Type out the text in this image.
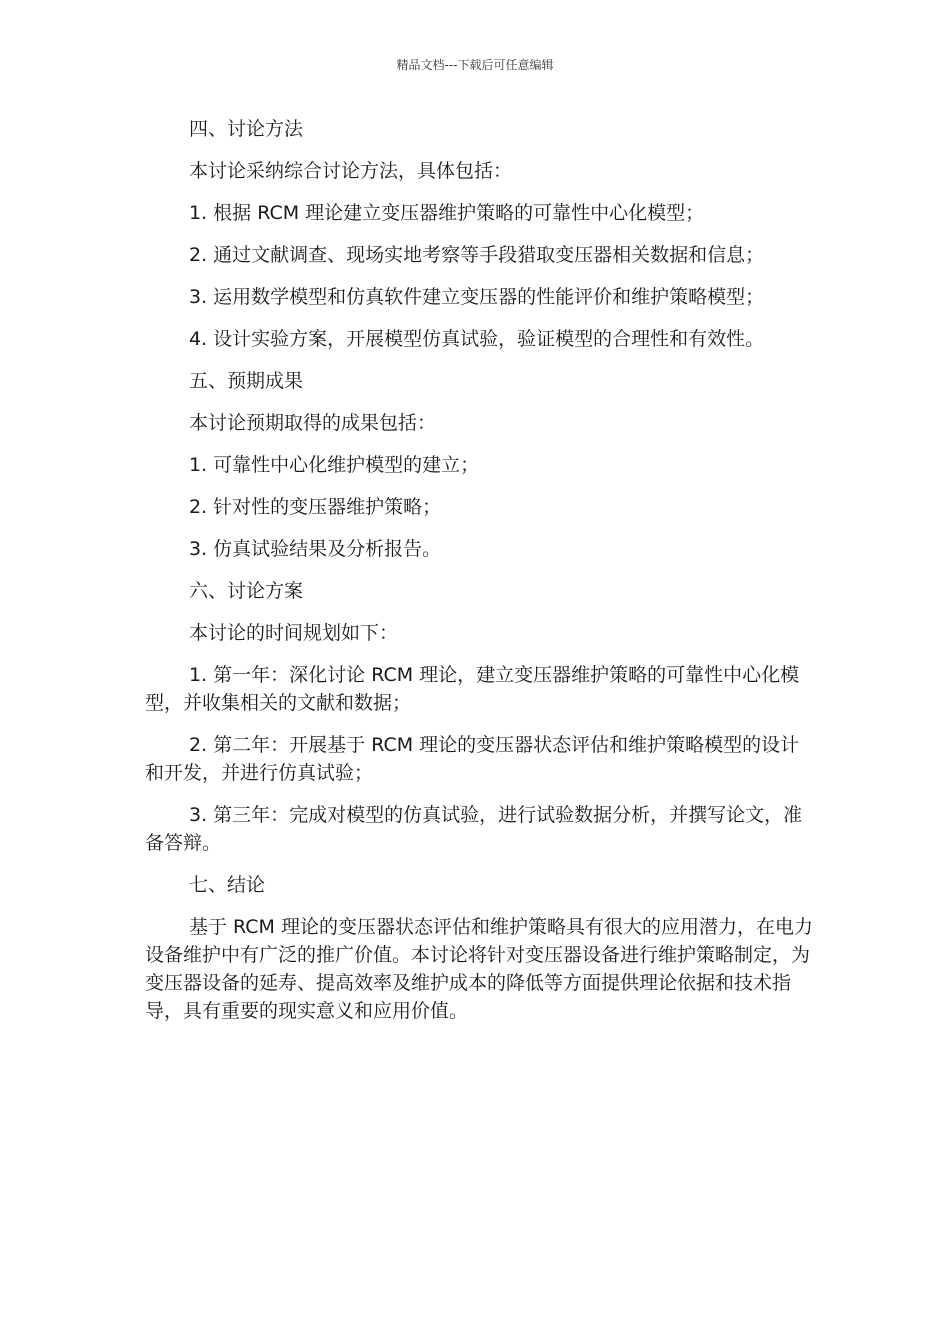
精品文档---下载后可任意编辑
四、讨论方法
本讨论采纳综合讨论方法，具体包括：
1. 根据 RCM 理论建立变压器维护策略的可靠性中心化模型；
2. 通过文献调查、现场实地考察等手段猎取变压器相关数据和信息；
3. 运用数学模型和仿真软件建立变压器的性能评价和维护策略模型；
4. 设计实验方案，开展模型仿真试验，验证模型的合理性和有效性。
五、预期成果
本讨论预期取得的成果包括：
1. 可靠性中心化维护模型的建立；
2. 针对性的变压器维护策略；
3. 仿真试验结果及分析报告。
六、讨论方案
本讨论的时间规划如下：
1. 第一年：深化讨论 RCM 理论，建立变压器维护策略的可靠性中心化模型，并收集相关的文献和数据；
2. 第二年：开展基于 RCM 理论的变压器状态评估和维护策略模型的设计和开发，并进行仿真试验；
3. 第三年：完成对模型的仿真试验，进行试验数据分析，并撰写论文，准备答辩。
七、结论
基于 RCM 理论的变压器状态评估和维护策略具有很大的应用潜力，在电力设备维护中有广泛的推广价值。本讨论将针对变压器设备进行维护策略制定，为变压器设备的延寿、提高效率及维护成本的降低等方面提供理论依据和技术指导，具有重要的现实意义和应用价值。
